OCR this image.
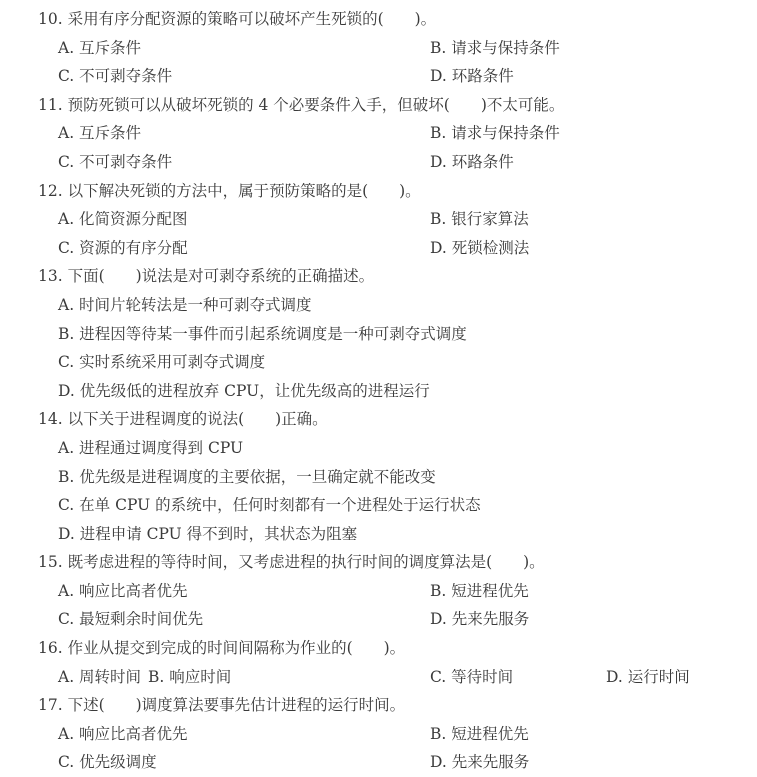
10. 采用有序分配资源的策略可以破坏产生死锁的(　　)。
A. 互斥条件	B. 请求与保持条件
C. 不可剥夺条件	D. 环路条件
11. 预防死锁可以从破坏死锁的 4 个必要条件入手，但破坏(　　)不太可能。
A. 互斥条件	B. 请求与保持条件
C. 不可剥夺条件	D. 环路条件
12. 以下解决死锁的方法中，属于预防策略的是(　　)。
A. 化简资源分配图	B. 银行家算法
C. 资源的有序分配	D. 死锁检测法
13. 下面(　　)说法是对可剥夺系统的正确描述。
A. 时间片轮转法是一种可剥夺式调度
B. 进程因等待某一事件而引起系统调度是一种可剥夺式调度
C. 实时系统采用可剥夺式调度
D. 优先级低的进程放弃 CPU，让优先级高的进程运行
14. 以下关于进程调度的说法(　　)正确。
A. 进程通过调度得到 CPU
B. 优先级是进程调度的主要依据，一旦确定就不能改变
C. 在单 CPU 的系统中，任何时刻都有一个进程处于运行状态
D. 进程申请 CPU 得不到时，其状态为阻塞
15. 既考虑进程的等待时间，又考虑进程的执行时间的调度算法是(　　)。
A. 响应比高者优先	B. 短进程优先
C. 最短剩余时间优先	D. 先来先服务
16. 作业从提交到完成的时间间隔称为作业的(　　)。
A. 周转时间 B. 响应时间	C. 等待时间	D. 运行时间
17. 下述(　　)调度算法要事先估计进程的运行时间。
A. 响应比高者优先	B. 短进程优先
C. 优先级调度	D. 先来先服务
